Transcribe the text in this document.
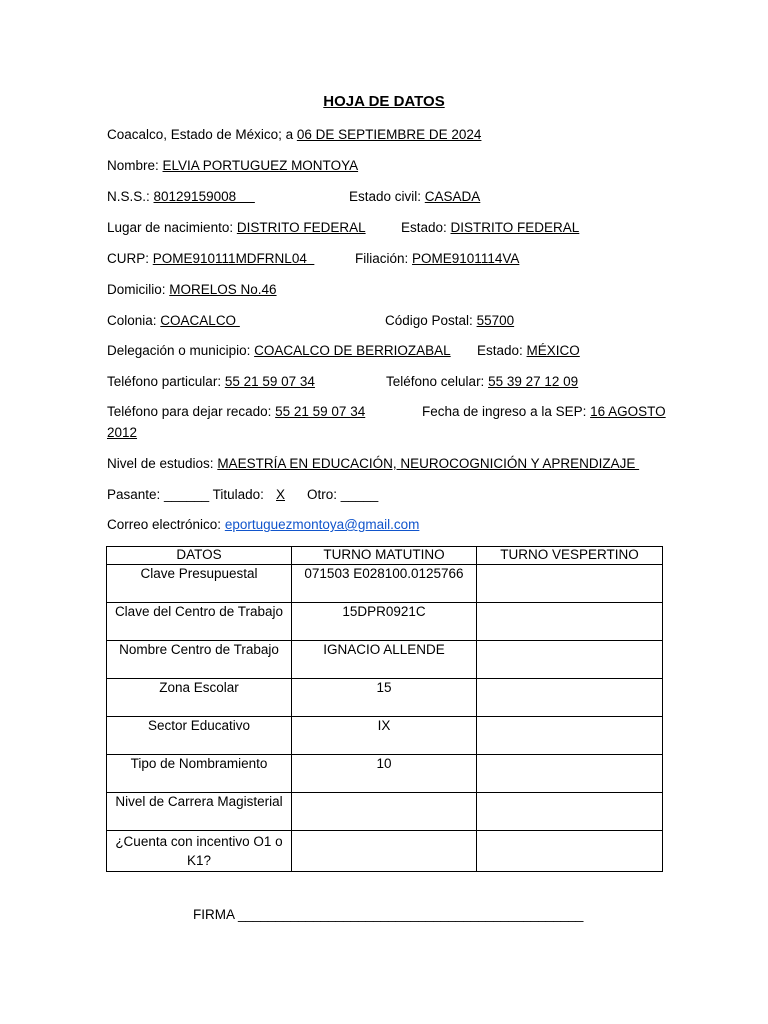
HOJA DE DATOS
Coacalco, Estado de México; a 06 DE SEPTIEMBRE DE 2024
Nombre: ELVIA PORTUGUEZ MONTOYA
N.S.S.: 80129159008	Estado civil: CASADA
Lugar de nacimiento: DISTRITO FEDERAL	Estado: DISTRITO FEDERAL
CURP: POME910111MDFRNL04	Filiación: POME9101114VA
Domicilio: MORELOS No.46
Colonia: COACALCO	Código Postal: 55700
Delegación o municipio: COACALCO DE BERRIOZABAL Estado: MÉXICO
Teléfono particular: 55 21 59 07 34	Teléfono celular: 55 39 27 12 09
Teléfono para dejar recado: 55 21 59 07 34	Fecha de ingreso a la SEP: 16 AGOSTO
2012
Nivel de estudios: MAESTRÍA EN EDUCACIÓN, NEUROCOGNICIÓN Y APRENDIZAJE
Pasante: ______ Titulado: X Otro: _____
Correo electrónico: eportuguezmontoya@gmail.com
DATOS	TURNO MATUTINO	TURNO VESPERTINO
Clave Presupuestal	071503 E028100.0125766	
Clave del Centro de Trabajo	15DPR0921C	
Nombre Centro de Trabajo	IGNACIO ALLENDE	
Zona Escolar	15	
Sector Educativo	IX	
Tipo de Nombramiento	10	
Nivel de Carrera Magisterial		
¿Cuenta con incentivo O1 o K1?		
FIRMA ______________________________________________
